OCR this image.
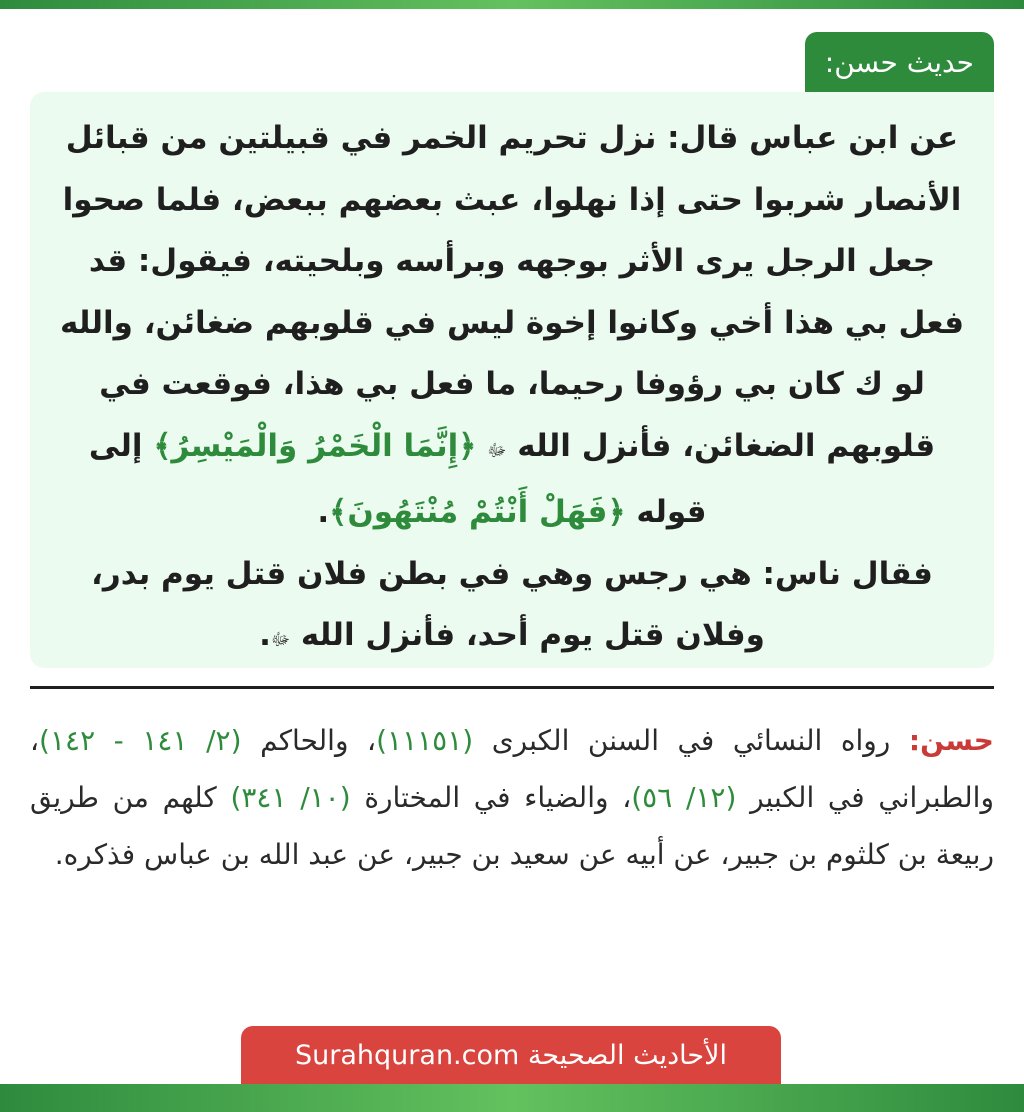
حديث حسن:

عن ابن عباس قال: نزل تحريم الخمر في قبيلتين من قبائل الأنصار شربوا حتى إذا نهلوا، عبث بعضهم ببعض، فلما صحوا جعل الرجل يرى الأثر بوجهه وبرأسه وبلحيته، فيقول: قد فعل بي هذا أخي وكانوا إخوة ليس في قلوبهم ضغائن، والله لو ك كان بي رؤوفا رحيما، ما فعل بي هذا، فوقعت في قلوبهم الضغائن، فأنزل الله ﷻ ﴿إِنَّمَا الْخَمْرُ وَالْمَيْسِرُ﴾ إلى قوله ﴿فَهَلْ أَنْتُمْ مُنْتَهُونَ﴾.
فقال ناس: هي رجس وهي في بطن فلان قتل يوم بدر، وفلان قتل يوم أحد، فأنزل الله ﷻ.

حسن: رواه النسائي في السنن الكبرى (١١١٥١)، والحاكم (٢/ ١٤١ - ١٤٢)، والطبراني في الكبير (١٢/ ٥٦)، والضياء في المختارة (١٠/ ٣٤١) كلهم من طريق ربيعة بن كلثوم بن جبير، عن أبيه عن سعيد بن جبير، عن عبد الله بن عباس فذكره.

الأحاديث الصحيحة Surahquran.com
